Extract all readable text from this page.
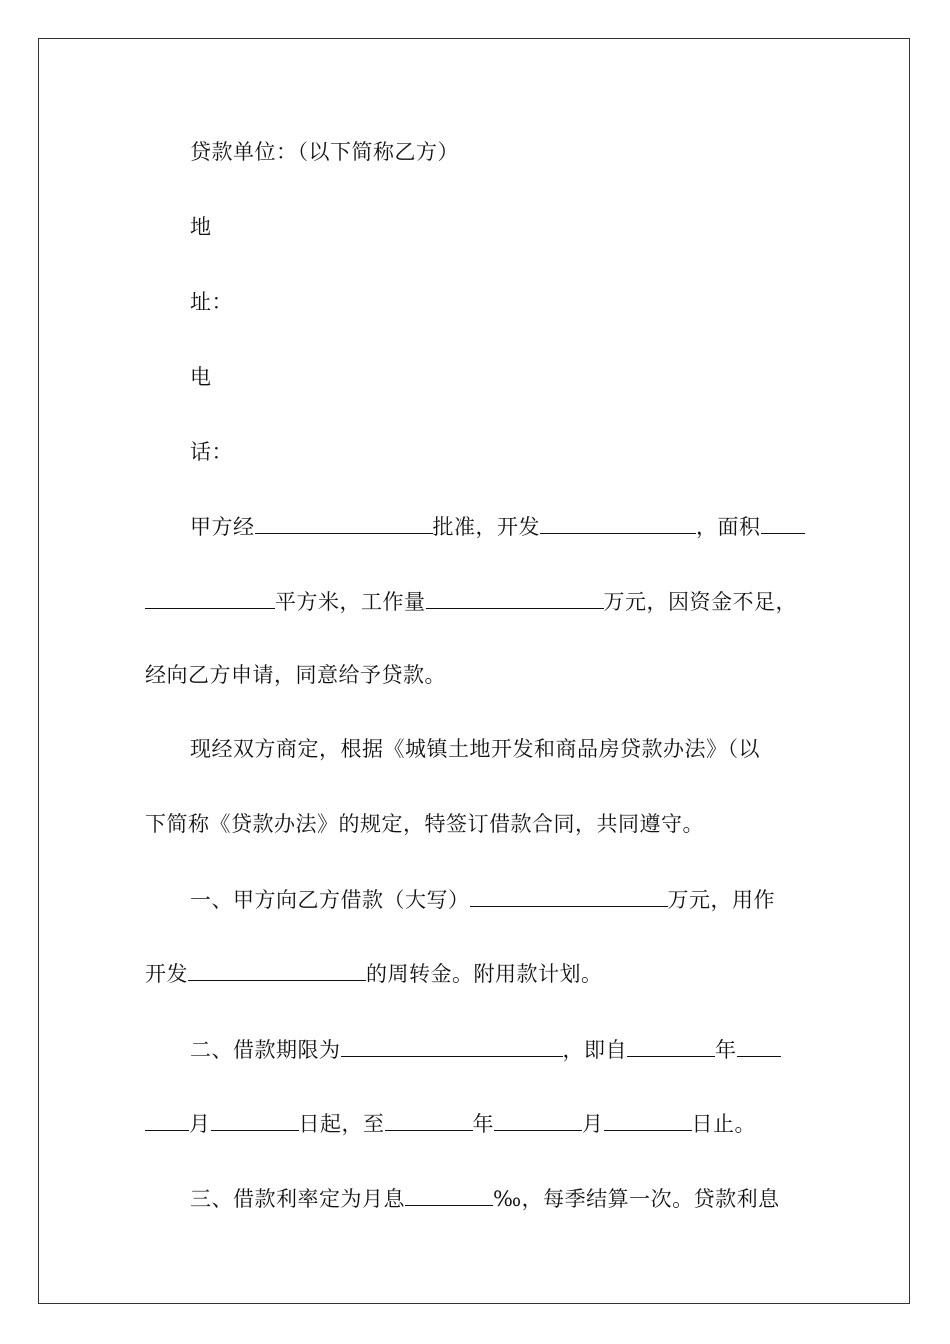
贷款单位：（以下简称乙方）
地
址：
电
话：
甲方经	批准，开发	，面积
平方米，工作量	万元，因资金不足，
经向乙方申请，同意给予贷款。
现经双方商定，根据《城镇土地开发和商品房贷款办法》（以
下简称《贷款办法》的规定，特签订借款合同，共同遵守。
一、甲方向乙方借款（大写）	万元，用作
开发	的周转金。附用款计划。
二、借款期限为	，即自	年
月	日起，至	年	月	日止。
三、借款利率定为月息	‰，每季结算一次。贷款利息
